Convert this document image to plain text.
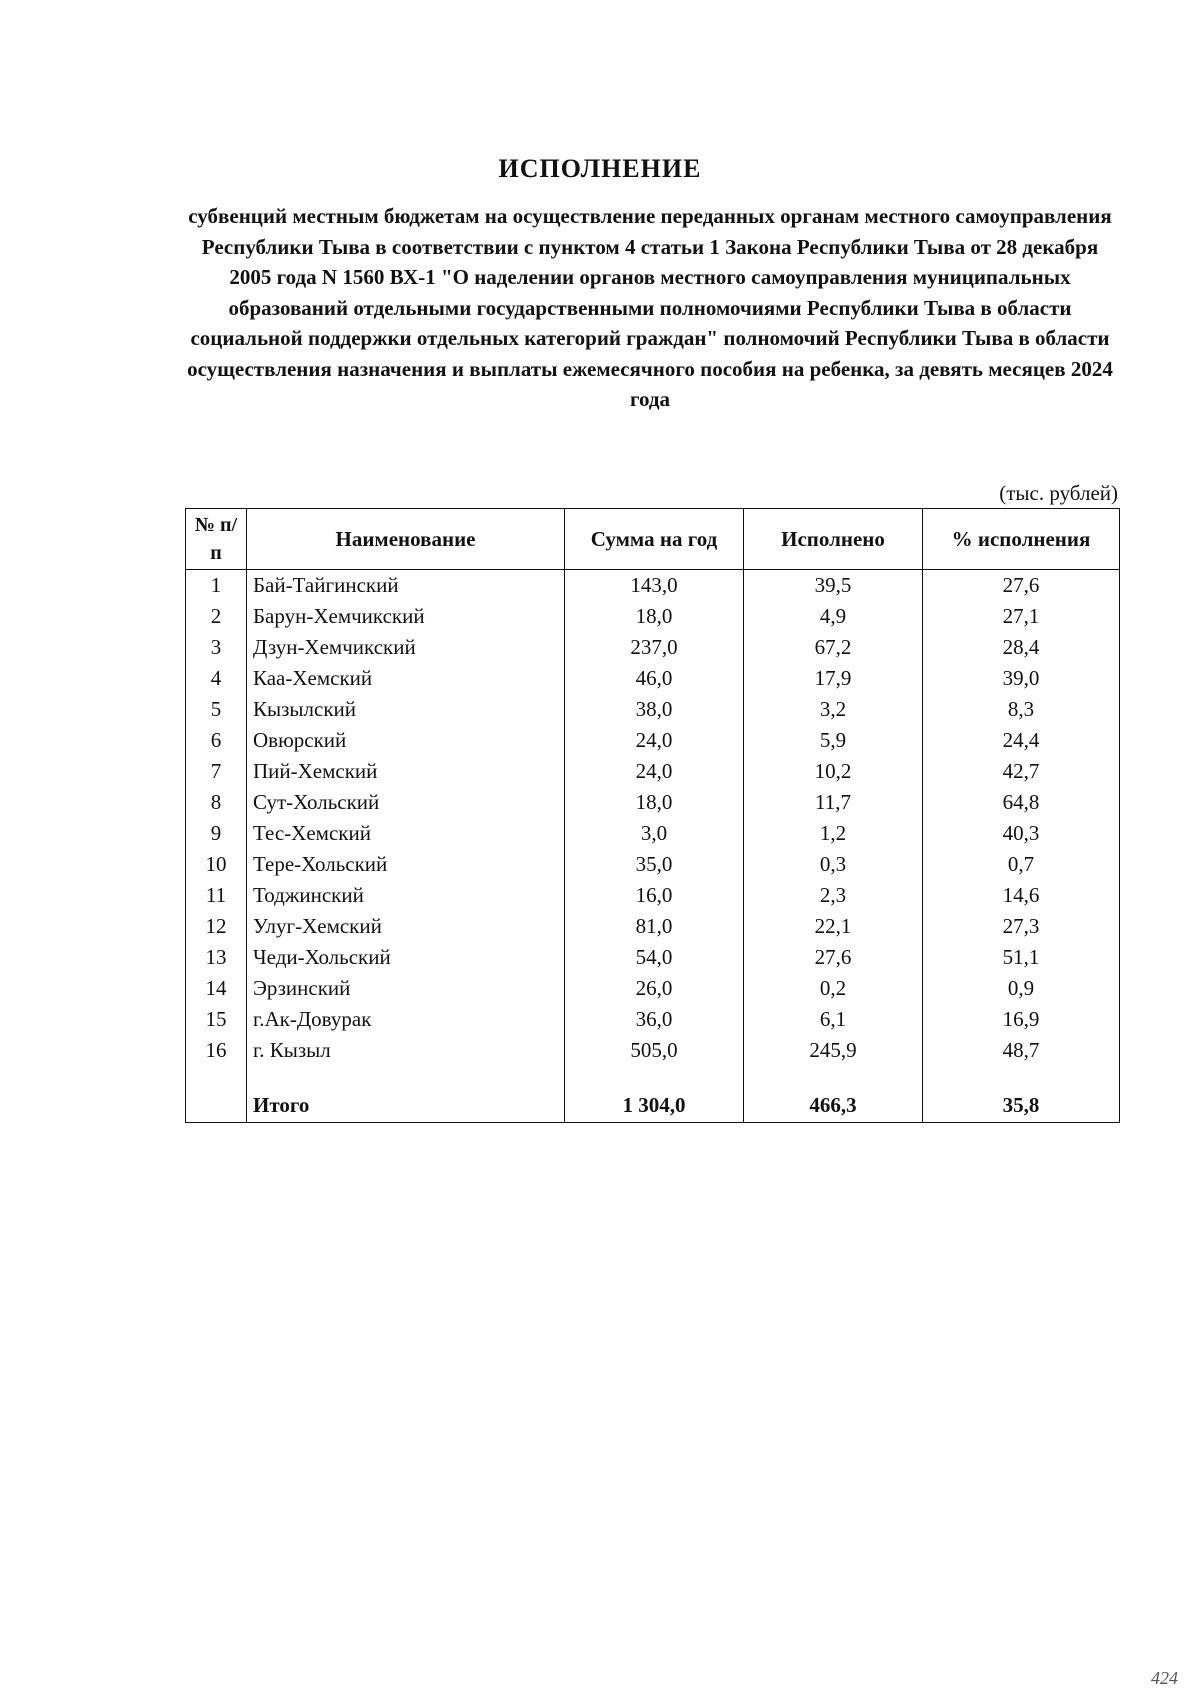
ИСПОЛНЕНИЕ
субвенций местным бюджетам на осуществление переданных органам местного самоуправления Республики Тыва в соответствии с пунктом 4 статьи 1 Закона Республики Тыва от 28 декабря 2005 года N 1560 ВХ-1 "О наделении органов местного самоуправления муниципальных образований отдельными государственными полномочиями Республики Тыва в области социальной поддержки отдельных категорий граждан" полномочий Республики Тыва в области осуществления назначения и выплаты ежемесячного пособия на ребенка, за девять месяцев 2024 года
(тыс. рублей)
№ п/п	Наименование	Сумма на год	Исполнено	% исполнения
1	Бай-Тайгинский	143,0	39,5	27,6
2	Барун-Хемчикский	18,0	4,9	27,1
3	Дзун-Хемчикский	237,0	67,2	28,4
4	Каа-Хемский	46,0	17,9	39,0
5	Кызылский	38,0	3,2	8,3
6	Овюрский	24,0	5,9	24,4
7	Пий-Хемский	24,0	10,2	42,7
8	Сут-Хольский	18,0	11,7	64,8
9	Тес-Хемский	3,0	1,2	40,3
10	Тере-Хольский	35,0	0,3	0,7
11	Тоджинский	16,0	2,3	14,6
12	Улуг-Хемский	81,0	22,1	27,3
13	Чеди-Хольский	54,0	27,6	51,1
14	Эрзинский	26,0	0,2	0,9
15	г.Ак-Довурак	36,0	6,1	16,9
16	г. Кызыл	505,0	245,9	48,7

	Итого	1 304,0	466,3	35,8
424
